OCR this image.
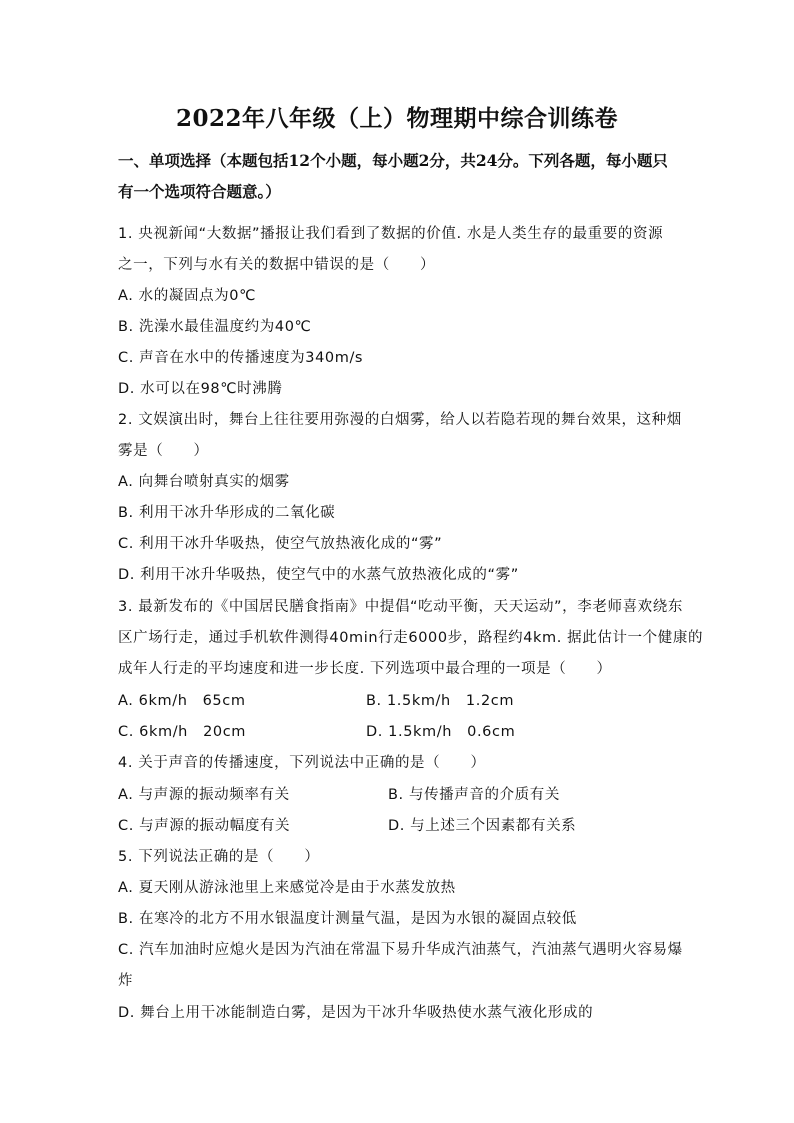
2022年八年级（上）物理期中综合训练卷
一、单项选择（本题包括12个小题，每小题2分，共24分。下列各题，每小题只有一个选项符合题意。）
1. 央视新闻“大数据”播报让我们看到了数据的价值. 水是人类生存的最重要的资源
之一，下列与水有关的数据中错误的是（　　）
A. 水的凝固点为0℃
B. 洗澡水最佳温度约为40℃
C. 声音在水中的传播速度为340m/s
D. 水可以在98℃时沸腾
2. 文娱演出时，舞台上往往要用弥漫的白烟雾，给人以若隐若现的舞台效果，这种烟
雾是（　　）
A. 向舞台喷射真实的烟雾
B. 利用干冰升华形成的二氧化碳
C. 利用干冰升华吸热，使空气放热液化成的“雾”
D. 利用干冰升华吸热，使空气中的水蒸气放热液化成的“雾”
3. 最新发布的《中国居民膳食指南》中提倡“吃动平衡，天天运动”，李老师喜欢绕东
区广场行走，通过手机软件测得40min行走6000步，路程约4km. 据此估计一个健康的
成年人行走的平均速度和进一步长度. 下列选项中最合理的一项是（　　）
A. 6km/h　65cm	B. 1.5km/h　1.2cm
C. 6km/h　20cm	D. 1.5km/h　0.6cm
4. 关于声音的传播速度，下列说法中正确的是（　　）
A. 与声源的振动频率有关	B. 与传播声音的介质有关
C. 与声源的振动幅度有关	D. 与上述三个因素都有关系
5. 下列说法正确的是（　　）
A. 夏天刚从游泳池里上来感觉冷是由于水蒸发放热
B. 在寒冷的北方不用水银温度计测量气温，是因为水银的凝固点较低
C. 汽车加油时应熄火是因为汽油在常温下易升华成汽油蒸气，汽油蒸气遇明火容易爆
炸
D. 舞台上用干冰能制造白雾，是因为干冰升华吸热使水蒸气液化形成的
